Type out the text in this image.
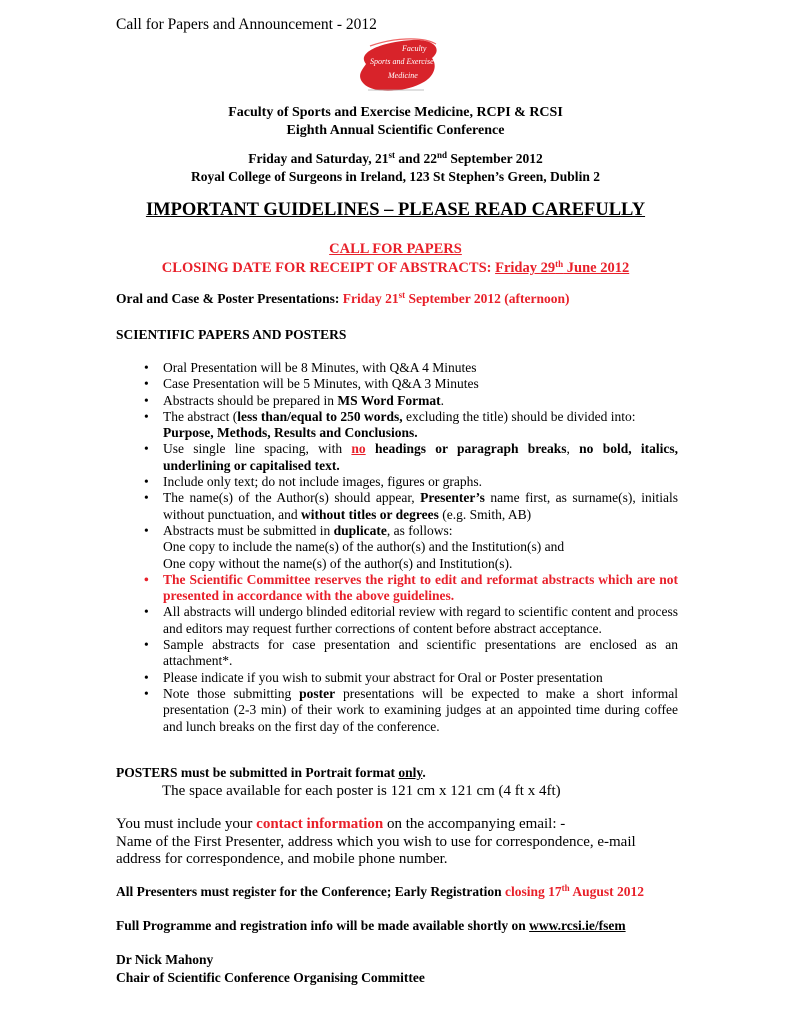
Call for Papers and Announcement - 2012
Faculty
Sports and Exercise
Medicine
Faculty of Sports and Exercise Medicine, RCPI & RCSI
Eighth Annual Scientific Conference
Friday and Saturday, 21st and 22nd September 2012
Royal College of Surgeons in Ireland, 123 St Stephen’s Green, Dublin 2
IMPORTANT GUIDELINES – PLEASE READ CAREFULLY
CALL FOR PAPERS
CLOSING DATE FOR RECEIPT OF ABSTRACTS: Friday 29th June 2012
Oral and Case & Poster Presentations: Friday 21st September 2012 (afternoon)
SCIENTIFIC PAPERS AND POSTERS
• Oral Presentation will be 8 Minutes, with Q&A 4 Minutes
• Case Presentation will be 5 Minutes, with Q&A 3 Minutes
• Abstracts should be prepared in MS Word Format.
• The abstract (less than/equal to 250 words, excluding the title) should be divided into:
Purpose, Methods, Results and Conclusions.
• Use single line spacing, with no headings or paragraph breaks, no bold, italics, underlining or capitalised text.
• Include only text; do not include images, figures or graphs.
• The name(s) of the Author(s) should appear, Presenter’s name first, as surname(s), initials without punctuation, and without titles or degrees (e.g. Smith, AB)
• Abstracts must be submitted in duplicate, as follows:
One copy to include the name(s) of the author(s) and the Institution(s) and
One copy without the name(s) of the author(s) and Institution(s).
• The Scientific Committee reserves the right to edit and reformat abstracts which are not presented in accordance with the above guidelines.
• All abstracts will undergo blinded editorial review with regard to scientific content and process and editors may request further corrections of content before abstract acceptance.
• Sample abstracts for case presentation and scientific presentations are enclosed as an attachment*.
• Please indicate if you wish to submit your abstract for Oral or Poster presentation
• Note those submitting poster presentations will be expected to make a short informal presentation (2-3 min) of their work to examining judges at an appointed time during coffee and lunch breaks on the first day of the conference.
POSTERS must be submitted in Portrait format only.
The space available for each poster is 121 cm x 121 cm (4 ft x 4ft)
You must include your contact information on the accompanying email: -
Name of the First Presenter, address which you wish to use for correspondence, e-mail address for correspondence, and mobile phone number.
All Presenters must register for the Conference; Early Registration closing 17th August 2012
Full Programme and registration info will be made available shortly on www.rcsi.ie/fsem
Dr Nick Mahony
Chair of Scientific Conference Organising Committee
